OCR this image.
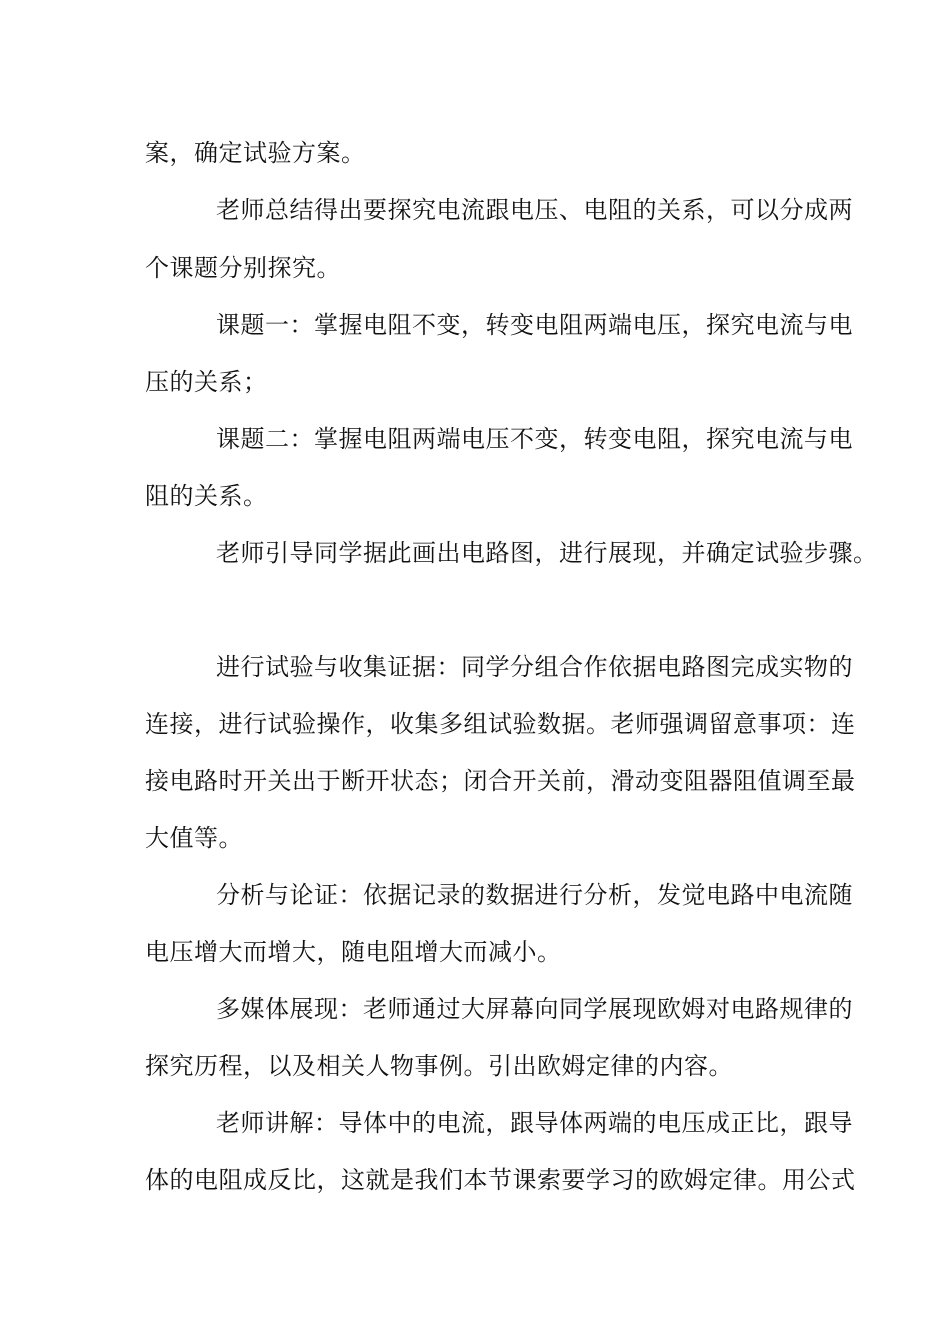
案，确定试验方案。
老师总结得出要探究电流跟电压、电阻的关系，可以分成两
个课题分别探究。
课题一：掌握电阻不变，转变电阻两端电压，探究电流与电
压的关系；
课题二：掌握电阻两端电压不变，转变电阻，探究电流与电
阻的关系。
老师引导同学据此画出电路图，进行展现，并确定试验步骤。
进行试验与收集证据：同学分组合作依据电路图完成实物的
连接，进行试验操作，收集多组试验数据。老师强调留意事项：连
接电路时开关出于断开状态；闭合开关前，滑动变阻器阻值调至最
大值等。
分析与论证：依据记录的数据进行分析，发觉电路中电流随
电压增大而增大，随电阻增大而减小。
多媒体展现：老师通过大屏幕向同学展现欧姆对电路规律的
探究历程，以及相关人物事例。引出欧姆定律的内容。
老师讲解：导体中的电流，跟导体两端的电压成正比，跟导
体的电阻成反比，这就是我们本节课索要学习的欧姆定律。用公式
